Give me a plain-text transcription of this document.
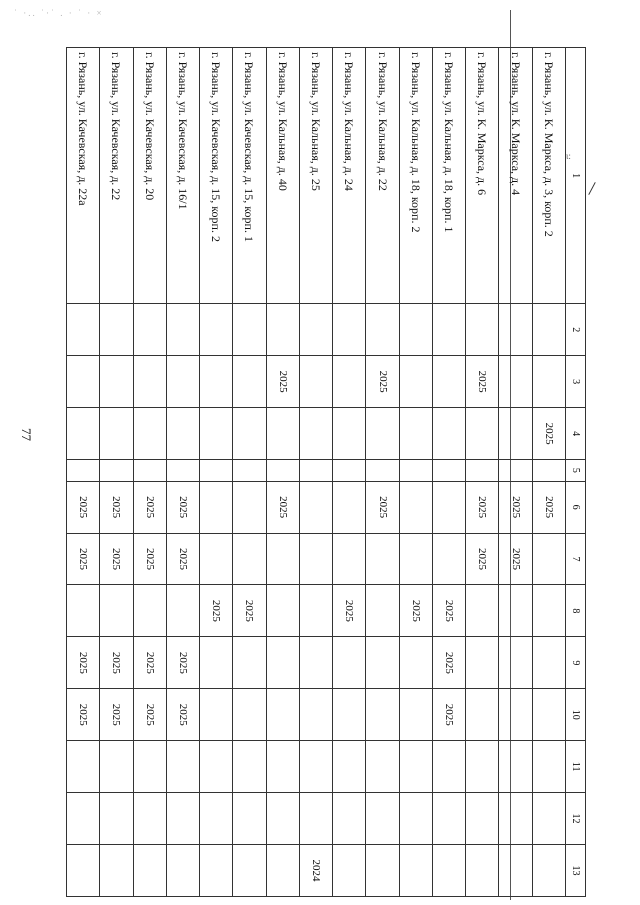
˙ ·.. ˙·˙ . · ˙ · ×
ι:
77
1	2	3	4	5	6	7	8	9	10	11	12	13
г. Рязань, ул. К. Маркса, д. 3, корп. 2			2025		2025							
г. Рязань, ул. К. Маркса, д. 4					2025	2025						
г. Рязань, ул. К. Маркса, д. 6		2025			2025	2025						
г. Рязань, ул. Кальная, д. 18, корп. 1							2025	2025	2025			
г. Рязань, ул. Кальная, д. 18, корп. 2							2025					
г. Рязань, ул. Кальная, д. 22		2025			2025							
г. Рязань, ул. Кальная, д. 24							2025					
г. Рязань, ул. Кальная, д. 25												2024
г. Рязань, ул. Кальная, д. 40		2025			2025							
г. Рязань, ул. Качевская, д. 15, корп. 1							2025					
г. Рязань, ул. Качевская, д. 15, корп. 2							2025					
г. Рязань, ул. Качевская, д. 16/1					2025	2025		2025	2025			
г. Рязань, ул. Качевская, д. 20					2025	2025		2025	2025			
г. Рязань, ул. Качевская, д. 22					2025	2025		2025	2025			
г. Рязань, ул. Качевская, д. 22а					2025	2025		2025	2025			
